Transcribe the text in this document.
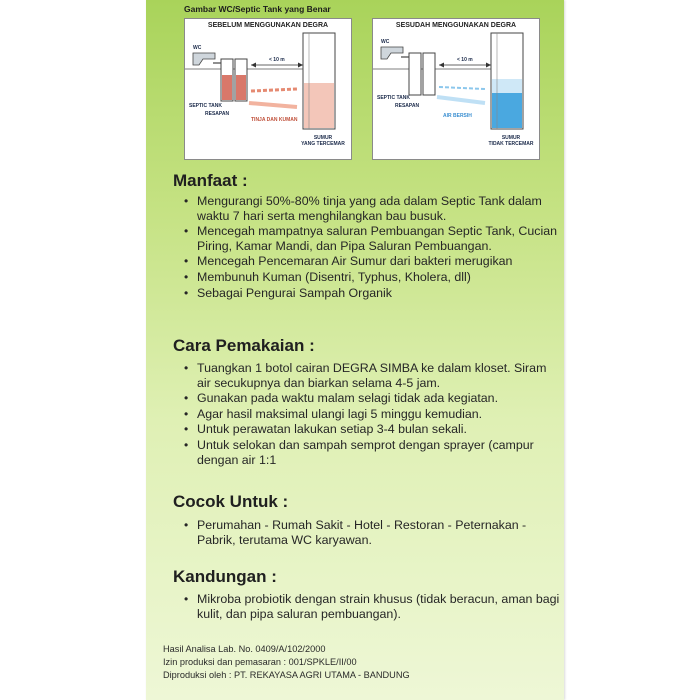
Gambar WC/Septic Tank yang Benar
SEBELUM MENGGUNAKAN DEGRA
WC
< 10 m
SEPTIC TANK
RESAPAN
TINJA DAN KUMAN
SUMUR
YANG TERCEMAR
SESUDAH MENGGUNAKAN DEGRA
WC
< 10 m
SEPTIC TANK
RESAPAN
AIR BERSIH
SUMUR
TIDAK TERCEMAR
Manfaat :
• Mengurangi 50%-80% tinja yang ada dalam Septic Tank dalam waktu 7 hari serta menghilangkan bau busuk.
• Mencegah mampatnya saluran Pembuangan Septic Tank, Cucian Piring, Kamar Mandi, dan Pipa Saluran Pembuangan.
• Mencegah Pencemaran Air Sumur dari bakteri merugikan
• Membunuh Kuman (Disentri, Typhus, Kholera, dll)
• Sebagai Pengurai Sampah Organik
Cara Pemakaian :
• Tuangkan 1 botol cairan DEGRA SIMBA ke dalam kloset. Siram air secukupnya dan biarkan selama 4-5 jam.
• Gunakan pada waktu malam selagi tidak ada kegiatan.
• Agar hasil maksimal ulangi lagi 5 minggu kemudian.
• Untuk perawatan lakukan setiap 3-4 bulan sekali.
• Untuk selokan dan sampah semprot dengan sprayer (campur dengan air 1:1
Cocok Untuk :
• Perumahan - Rumah Sakit - Hotel - Restoran - Peternakan - Pabrik, terutama WC karyawan.
Kandungan :
• Mikroba probiotik dengan strain khusus (tidak beracun, aman bagi kulit, dan pipa saluran pembuangan).
Hasil Analisa Lab. No. 0409/A/102/2000
Izin produksi dan pemasaran : 001/SPKLE/II/00
Diproduksi oleh : PT. REKAYASA AGRI UTAMA - BANDUNG
